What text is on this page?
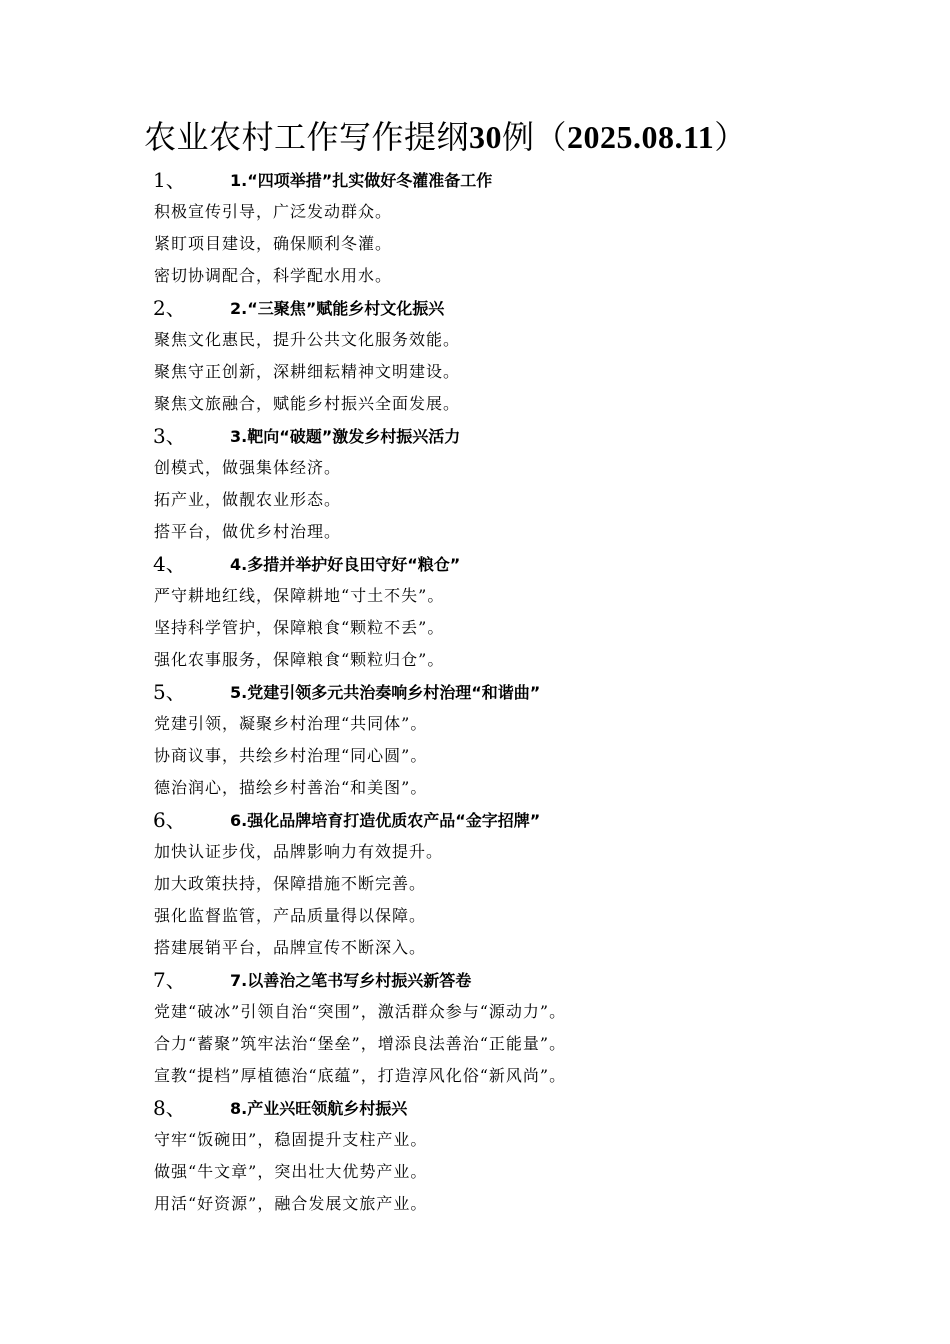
农业农村工作写作提纲30例（2025.08.11）
1、	1.“四项举措”扎实做好冬灌准备工作
积极宣传引导，广泛发动群众。
紧盯项目建设，确保顺利冬灌。
密切协调配合，科学配水用水。
2、	2.“三聚焦”赋能乡村文化振兴
聚焦文化惠民，提升公共文化服务效能。
聚焦守正创新，深耕细耘精神文明建设。
聚焦文旅融合，赋能乡村振兴全面发展。
3、	3.靶向“破题”激发乡村振兴活力
创模式，做强集体经济。
拓产业，做靓农业形态。
搭平台，做优乡村治理。
4、	4.多措并举护好良田守好“粮仓”
严守耕地红线，保障耕地“寸土不失”。
坚持科学管护，保障粮食“颗粒不丢”。
强化农事服务，保障粮食“颗粒归仓”。
5、	5.党建引领多元共治奏响乡村治理“和谐曲”
党建引领，凝聚乡村治理“共同体”。
协商议事，共绘乡村治理“同心圆”。
德治润心，描绘乡村善治“和美图”。
6、	6.强化品牌培育打造优质农产品“金字招牌”
加快认证步伐，品牌影响力有效提升。
加大政策扶持，保障措施不断完善。
强化监督监管，产品质量得以保障。
搭建展销平台，品牌宣传不断深入。
7、	7.以善治之笔书写乡村振兴新答卷
党建“破冰”引领自治“突围”，激活群众参与“源动力”。
合力“蓄聚”筑牢法治“堡垒”，增添良法善治“正能量”。
宣教“提档”厚植德治“底蕴”，打造淳风化俗“新风尚”。
8、	8.产业兴旺领航乡村振兴
守牢“饭碗田”，稳固提升支柱产业。
做强“牛文章”，突出壮大优势产业。
用活“好资源”，融合发展文旅产业。
